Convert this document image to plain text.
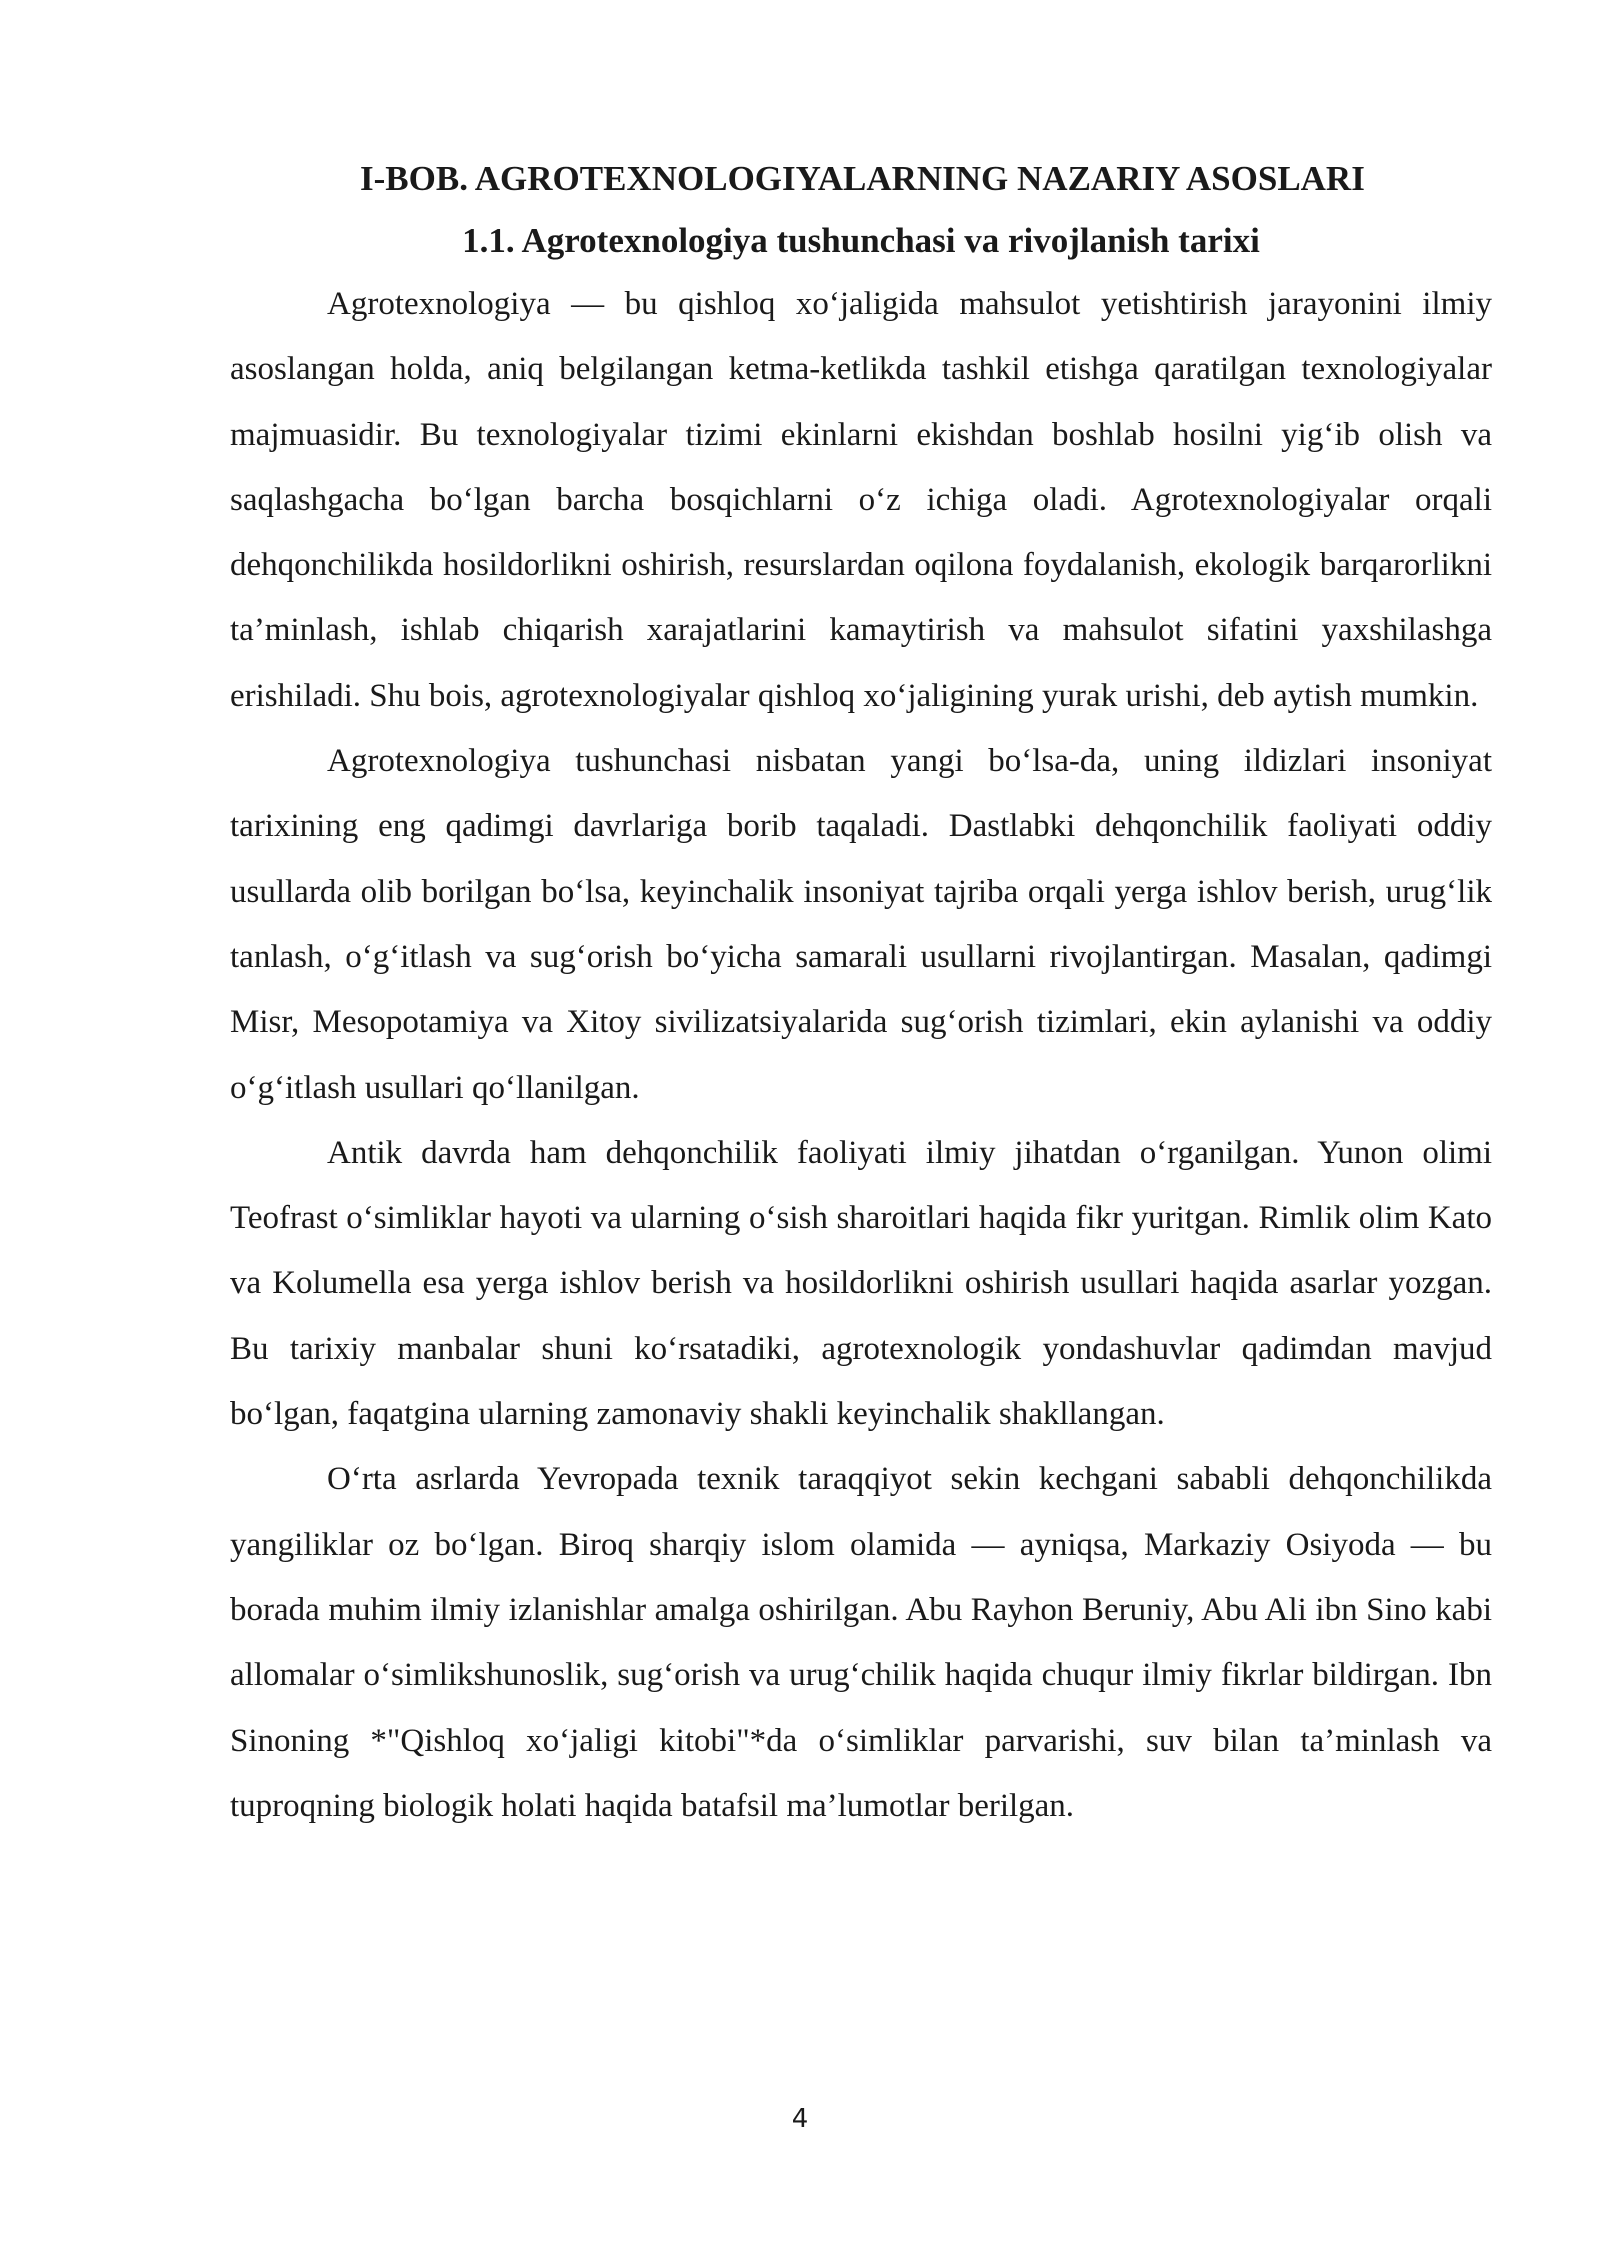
I-BOB. AGROTEXNOLOGIYALARNING NAZARIY ASOSLARI
1.1. Agrotexnologiya tushunchasi va rivojlanish tarixi

Agrotexnologiya — bu qishloq xo‘jaligida mahsulot yetishtirish jarayonini ilmiy asoslangan holda, aniq belgilangan ketma-ketlikda tashkil etishga qaratilgan texnologiyalar majmuasidir. Bu texnologiyalar tizimi ekinlarni ekishdan boshlab hosilni yig‘ib olish va saqlashgacha bo‘lgan barcha bosqichlarni o‘z ichiga oladi. Agrotexnologiyalar orqali dehqonchilikda hosildorlikni oshirish, resurslardan oqilona foydalanish, ekologik barqarorlikni ta’minlash, ishlab chiqarish xarajatlarini kamaytirish va mahsulot sifatini yaxshilashga erishiladi. Shu bois, agrotexnologiyalar qishloq xo‘jaligining yurak urishi, deb aytish mumkin.

Agrotexnologiya tushunchasi nisbatan yangi bo‘lsa-da, uning ildizlari insoniyat tarixining eng qadimgi davrlariga borib taqaladi. Dastlabki dehqonchilik faoliyati oddiy usullarda olib borilgan bo‘lsa, keyinchalik insoniyat tajriba orqali yerga ishlov berish, urug‘lik tanlash, o‘g‘itlash va sug‘orish bo‘yicha samarali usullarni rivojlantirgan. Masalan, qadimgi Misr, Mesopotamiya va Xitoy sivilizatsiyalarida sug‘orish tizimlari, ekin aylanishi va oddiy o‘g‘itlash usullari qo‘llanilgan.

Antik davrda ham dehqonchilik faoliyati ilmiy jihatdan o‘rganilgan. Yunon olimi Teofrast o‘simliklar hayoti va ularning o‘sish sharoitlari haqida fikr yuritgan. Rimlik olim Kato va Kolumella esa yerga ishlov berish va hosildorlikni oshirish usullari haqida asarlar yozgan. Bu tarixiy manbalar shuni ko‘rsatadiki, agrotexnologik yondashuvlar qadimdan mavjud bo‘lgan, faqatgina ularning zamonaviy shakli keyinchalik shakllangan.

O‘rta asrlarda Yevropada texnik taraqqiyot sekin kechgani sababli dehqonchilikda yangiliklar oz bo‘lgan. Biroq sharqiy islom olamida — ayniqsa, Markaziy Osiyoda — bu borada muhim ilmiy izlanishlar amalga oshirilgan. Abu Rayhon Beruniy, Abu Ali ibn Sino kabi allomalar o‘simlikshunoslik, sug‘orish va urug‘chilik haqida chuqur ilmiy fikrlar bildirgan. Ibn Sinoning *"Qishloq xo‘jaligi kitobi"*da o‘simliklar parvarishi, suv bilan ta’minlash va tuproqning biologik holati haqida batafsil ma’lumotlar berilgan.

4
